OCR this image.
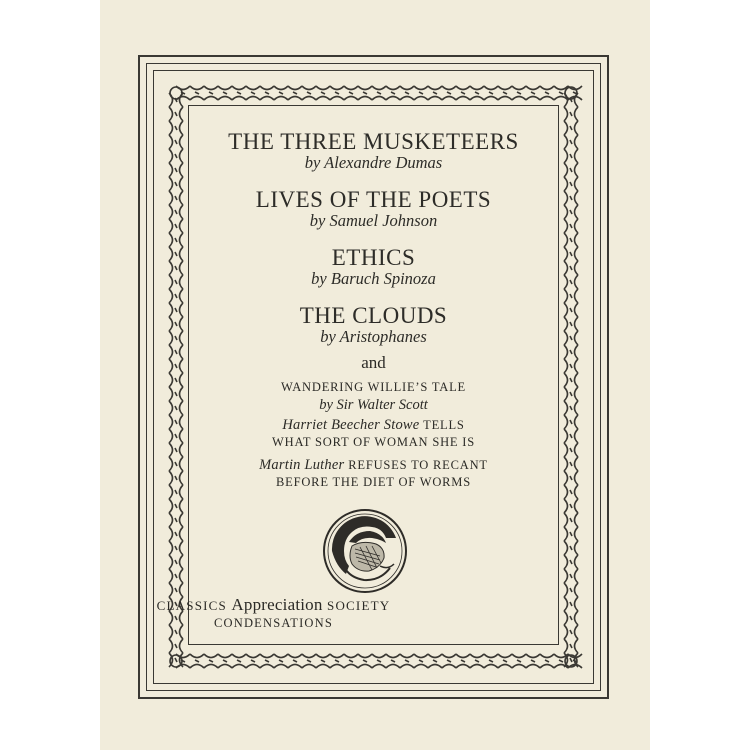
THE THREE MUSKETEERS
by Alexandre Dumas
LIVES OF THE POETS
by Samuel Johnson
ETHICS
by Baruch Spinoza
THE CLOUDS
by Aristophanes
and
WANDERING WILLIE’S TALE
by Sir Walter Scott
Harriet Beecher Stowe TELLS
WHAT SORT OF WOMAN SHE IS
Martin Luther REFUSES TO RECANT
BEFORE THE DIET OF WORMS
CLASSICS Appreciation SOCIETY
CONDENSATIONS
